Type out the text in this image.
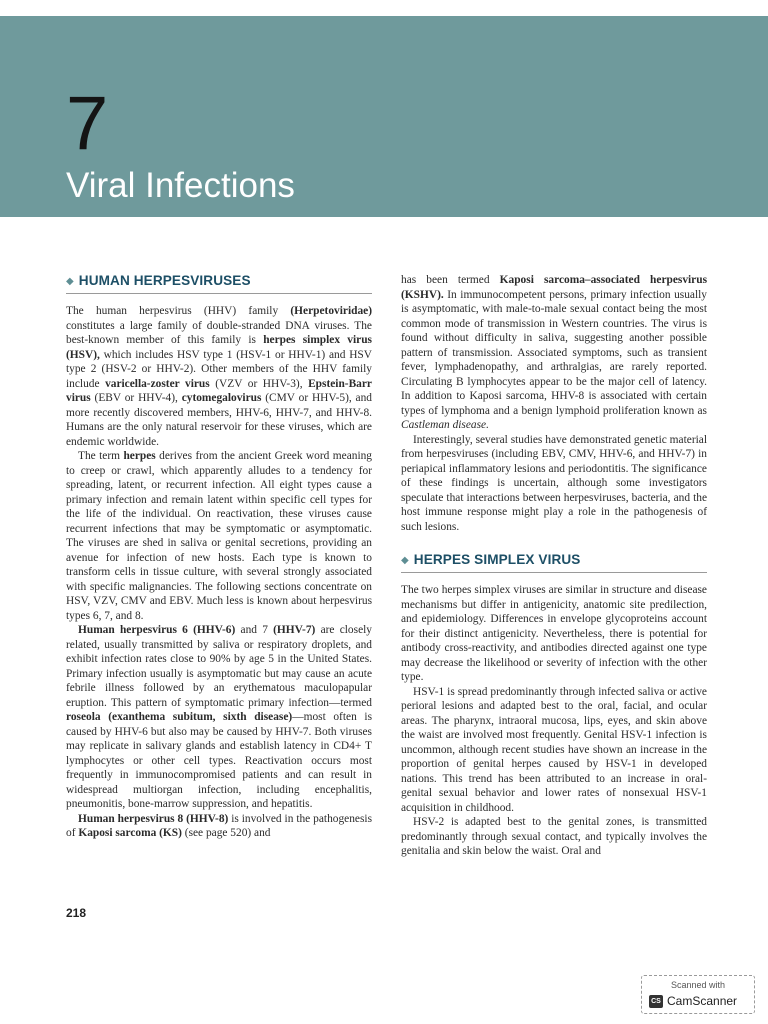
7
Viral Infections
◆ HUMAN HERPESVIRUSES

The human herpesvirus (HHV) family (Herpetoviridae) constitutes a large family of double-stranded DNA viruses. The best-known member of this family is herpes simplex virus (HSV), which includes HSV type 1 (HSV-1 or HHV-1) and HSV type 2 (HSV-2 or HHV-2). Other members of the HHV family include varicella-zoster virus (VZV or HHV-3), Epstein-Barr virus (EBV or HHV-4), cytomegalovirus (CMV or HHV-5), and more recently discovered members, HHV-6, HHV-7, and HHV-8. Humans are the only natural reservoir for these viruses, which are endemic worldwide.

The term herpes derives from the ancient Greek word meaning to creep or crawl, which apparently alludes to a tendency for spreading, latent, or recurrent infection. All eight types cause a primary infection and remain latent within specific cell types for the life of the individual. On reactivation, these viruses cause recurrent infections that may be symptomatic or asymptomatic. The viruses are shed in saliva or genital secretions, providing an avenue for infection of new hosts. Each type is known to transform cells in tissue culture, with several strongly associated with specific malignancies. The following sections concentrate on HSV, VZV, CMV and EBV. Much less is known about herpesvirus types 6, 7, and 8.

Human herpesvirus 6 (HHV-6) and 7 (HHV-7) are closely related, usually transmitted by saliva or respiratory droplets, and exhibit infection rates close to 90% by age 5 in the United States. Primary infection usually is asymptomatic but may cause an acute febrile illness followed by an erythematous maculopapular eruption. This pattern of symptomatic primary infection—termed roseola (exanthema subitum, sixth disease)—most often is caused by HHV-6 but also may be caused by HHV-7. Both viruses may replicate in salivary glands and establish latency in CD4+ T lymphocytes or other cell types. Reactivation occurs most frequently in immunocompromised patients and can result in widespread multiorgan infection, including encephalitis, pneumonitis, bone-marrow suppression, and hepatitis.

Human herpesvirus 8 (HHV-8) is involved in the pathogenesis of Kaposi sarcoma (KS) (see page 520) and

has been termed Kaposi sarcoma–associated herpesvirus (KSHV). In immunocompetent persons, primary infection usually is asymptomatic, with male-to-male sexual contact being the most common mode of transmission in Western countries. The virus is found without difficulty in saliva, suggesting another possible pattern of transmission. Associated symptoms, such as transient fever, lymphadenopathy, and arthralgias, are rarely reported. Circulating B lymphocytes appear to be the major cell of latency. In addition to Kaposi sarcoma, HHV-8 is associated with certain types of lymphoma and a benign lymphoid proliferation known as Castleman disease.

Interestingly, several studies have demonstrated genetic material from herpesviruses (including EBV, CMV, HHV-6, and HHV-7) in periapical inflammatory lesions and periodontitis. The significance of these findings is uncertain, although some investigators speculate that interactions between herpesviruses, bacteria, and the host immune response might play a role in the pathogenesis of such lesions.

◆ HERPES SIMPLEX VIRUS

The two herpes simplex viruses are similar in structure and disease mechanisms but differ in antigenicity, anatomic site predilection, and epidemiology. Differences in envelope glycoproteins account for their distinct antigenicity. Nevertheless, there is potential for antibody cross-reactivity, and antibodies directed against one type may decrease the likelihood or severity of infection with the other type.

HSV-1 is spread predominantly through infected saliva or active perioral lesions and adapted best to the oral, facial, and ocular areas. The pharynx, intraoral mucosa, lips, eyes, and skin above the waist are involved most frequently. Genital HSV-1 infection is uncommon, although recent studies have shown an increase in the proportion of genital herpes caused by HSV-1 in developed nations. This trend has been attributed to an increase in oral-genital sexual behavior and lower rates of nonsexual HSV-1 acquisition in childhood.

HSV-2 is adapted best to the genital zones, is transmitted predominantly through sexual contact, and typically involves the genitalia and skin below the waist. Oral and

218
Scanned with
CS CamScanner
